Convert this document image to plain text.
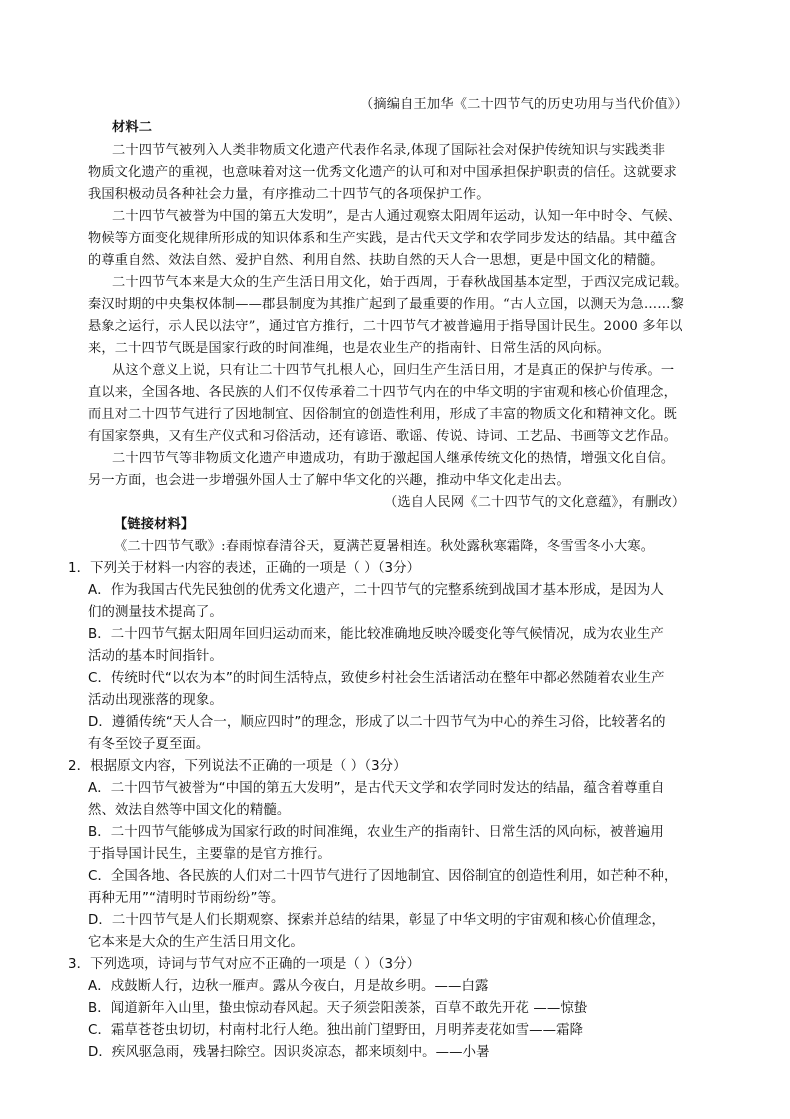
（摘编自王加华《二十四节气的历史功用与当代价值》）
材料二
二十四节气被列入人类非物质文化遗产代表作名录,体现了国际社会对保护传统知识与实践类非
物质文化遗产的重视，也意味着对这一优秀文化遗产的认可和对中国承担保护职责的信任。这就要求
我国积极动员各种社会力量，有序推动二十四节气的各项保护工作。
二十四节气被誉为中国的第五大发明”，是古人通过观察太阳周年运动，认知一年中时令、气候、
物候等方面变化规律所形成的知识体系和生产实践，是古代天文学和农学同步发达的结晶。其中蕴含
的尊重自然、效法自然、爱护自然、利用自然、扶助自然的天人合一思想，更是中国文化的精髓。
二十四节气本来是大众的生产生活日用文化，始于西周，于春秋战国基本定型，于西汉完成记载。
秦汉时期的中央集权体制——郡县制度为其推广起到了最重要的作用。“古人立国，以测天为急……黎
悬象之运行，示人民以法守”，通过官方推行，二十四节气才被普遍用于指导国计民生。2000 多年以
来，二十四节气既是国家行政的时间准绳，也是农业生产的指南针、日常生活的风向标。
从这个意义上说，只有让二十四节气扎根人心，回归生产生活日用，才是真正的保护与传承。一
直以来，全国各地、各民族的人们不仅传承着二十四节气内在的中华文明的宇宙观和核心价值理念，
而且对二十四节气进行了因地制宜、因俗制宜的创造性利用，形成了丰富的物质文化和精神文化。既
有国家祭典，又有生产仪式和习俗活动，还有谚语、歌谣、传说、诗词、工艺品、书画等文艺作品。
二十四节气等非物质文化遗产申遗成功，有助于激起国人继承传统文化的热情，增强文化自信。
另一方面，也会进一步增强外国人士了解中华文化的兴趣，推动中华文化走出去。
（选自人民网《二十四节气的文化意蕴》，有删改）
【链接材料】
《二十四节气歌》:春雨惊春清谷天，夏满芒夏暑相连。秋处露秋寒霜降，冬雪雪冬小大寒。
1．下列关于材料一内容的表述，正确的一项是（ ）（3分）
A．作为我国古代先民独创的优秀文化遗产，二十四节气的完整系统到战国才基本形成，是因为人
们的测量技术提高了。
B．二十四节气据太阳周年回归运动而来，能比较准确地反映冷暖变化等气候情况，成为农业生产
活动的基本时间指针。
C．传统时代“以农为本”的时间生活特点，致使乡村社会生活诸活动在整年中都必然随着农业生产
活动出现涨落的现象。
D．遵循传统“天人合一，顺应四时”的理念，形成了以二十四节气为中心的养生习俗，比较著名的
有冬至饺子夏至面。
2．根据原文内容，下列说法不正确的一项是（ ）（3分）
A．二十四节气被誉为“中国的第五大发明”，是古代天文学和农学同时发达的结晶，蕴含着尊重自
然、效法自然等中国文化的精髓。
B．二十四节气能够成为国家行政的时间准绳，农业生产的指南针、日常生活的风向标，被普遍用
于指导国计民生，主要靠的是官方推行。
C．全国各地、各民族的人们对二十四节气进行了因地制宜、因俗制宜的创造性利用，如芒种不种，
再种无用”“清明时节雨纷纷”等。
D．二十四节气是人们长期观察、探索并总结的结果，彰显了中华文明的宇宙观和核心价值理念，
它本来是大众的生产生活日用文化。
3．下列选项，诗词与节气对应不正确的一项是（ ）（3分）
A．戍鼓断人行，边秋一雁声。露从今夜白，月是故乡明。——白露
B．闻道新年入山里，蛰虫惊动春风起。天子须尝阳羡茶，百草不敢先开花 ——惊蛰
C．霜草苍苍虫切切，村南村北行人绝。独出前门望野田，月明荞麦花如雪——霜降
D．疾风驱急雨，残暑扫除空。因识炎凉态，都来顷刻中。——小暑
